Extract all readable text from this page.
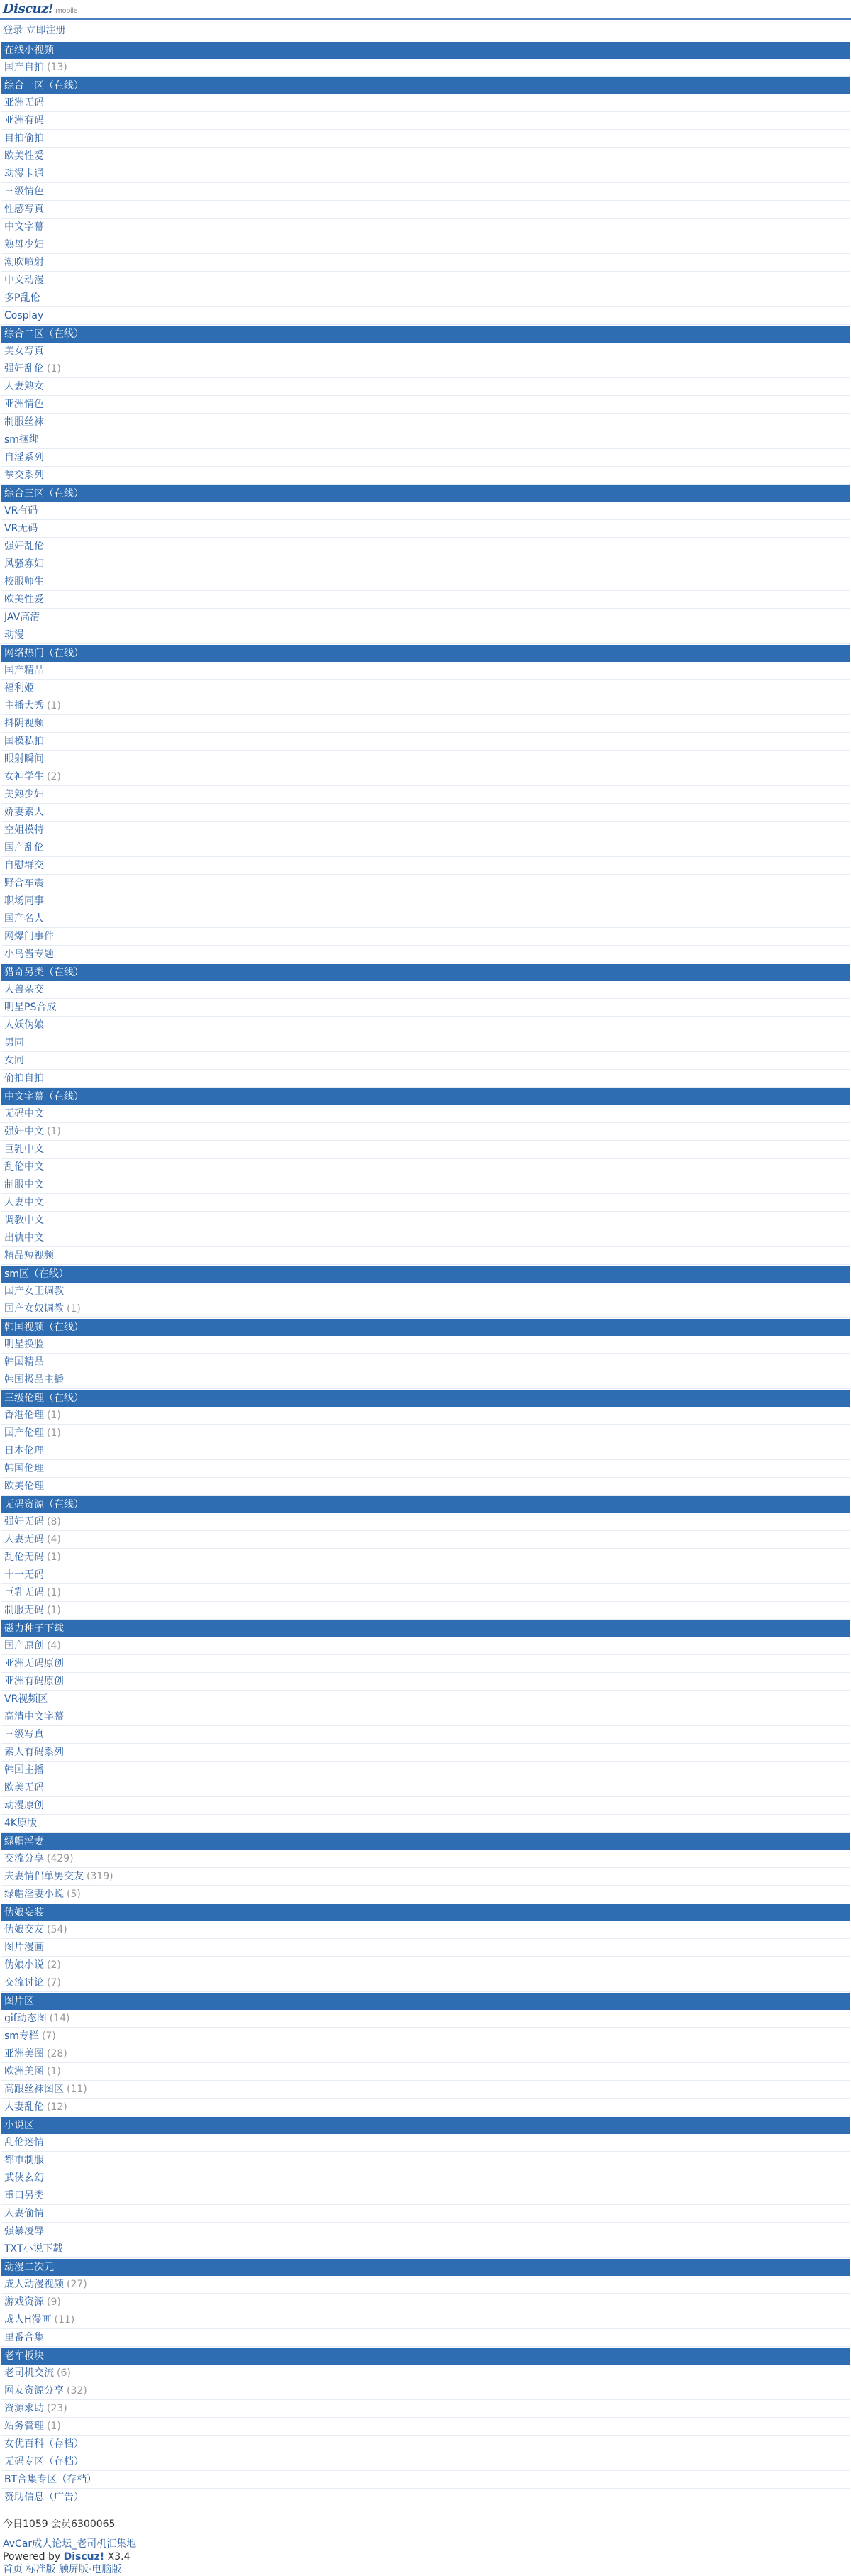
Discuz! mobile
登录 立即注册
在线小视频
国产自拍 (13)
综合一区（在线）
亚洲无码
亚洲有码
自拍偷拍
欧美性爱
动漫卡通
三级情色
性感写真
中文字幕
熟母少妇
潮吹喷射
中文动漫
多P乱伦
Cosplay
综合二区（在线）
美女写真
强奸乱伦 (1)
人妻熟女
亚洲情色
制服丝袜
sm捆绑
自淫系列
拳交系列
综合三区（在线）
VR有码
VR无码
强奸乱伦
风骚寡妇
校服师生
欧美性爱
JAV高清
动漫
网络热门（在线）
国产精品
福利姬
主播大秀 (1)
抖阴视频
国模私拍
眼射瞬间
女神学生 (2)
美熟少妇
娇妻素人
空姐模特
国产乱伦
自慰群交
野合车震
职场同事
国产名人
网爆门事件
小鸟酱专题
猎奇另类（在线）
人兽杂交
明星PS合成
人妖伪娘
男同
女同
偷拍自拍
中文字幕（在线）
无码中文
强奸中文 (1)
巨乳中文
乱伦中文
制服中文
人妻中文
调教中文
出轨中文
精品短视频
sm区（在线）
国产女王调教
国产女奴调教 (1)
韩国视频（在线）
明星换脸
韩国精品
韩国极品主播
三级伦理（在线）
香港伦理 (1)
国产伦理 (1)
日本伦理
韩国伦理
欧美伦理
无码资源（在线）
强奸无码 (8)
人妻无码 (4)
乱伦无码 (1)
十一无码
巨乳无码 (1)
制服无码 (1)
磁力种子下载
国产原创 (4)
亚洲无码原创
亚洲有码原创
VR视频区
高清中文字幕
三级写真
素人有码系列
韩国主播
欧美无码
动漫原创
4K原版
绿帽淫妻
交流分享 (429)
夫妻情侣单男交友 (319)
绿帽淫妻小说 (5)
伪娘妄装
伪娘交友 (54)
图片漫画
伪娘小说 (2)
交流讨论 (7)
图片区
gif动态图 (14)
sm专栏 (7)
亚洲美图 (28)
欧洲美图 (1)
高跟丝袜图区 (11)
人妻乱伦 (12)
小说区
乱伦迷情
都市制服
武侠玄幻
重口另类
人妻偷情
强暴凌辱
TXT小说下载
动漫二次元
成人动漫视频 (27)
游戏资源 (9)
成人H漫画 (11)
里番合集
老车板块
老司机交流 (6)
网友资源分享 (32)
资源求助 (23)
站务管理 (1)
女优百科（存档）
无码专区（存档）
BT合集专区（存档）
赞助信息（广告）
今日1059 会员6300065
AvCar成人论坛_老司机汇集地
Powered by Discuz! X3.4
首页 标准版 触屏版·电脑版
